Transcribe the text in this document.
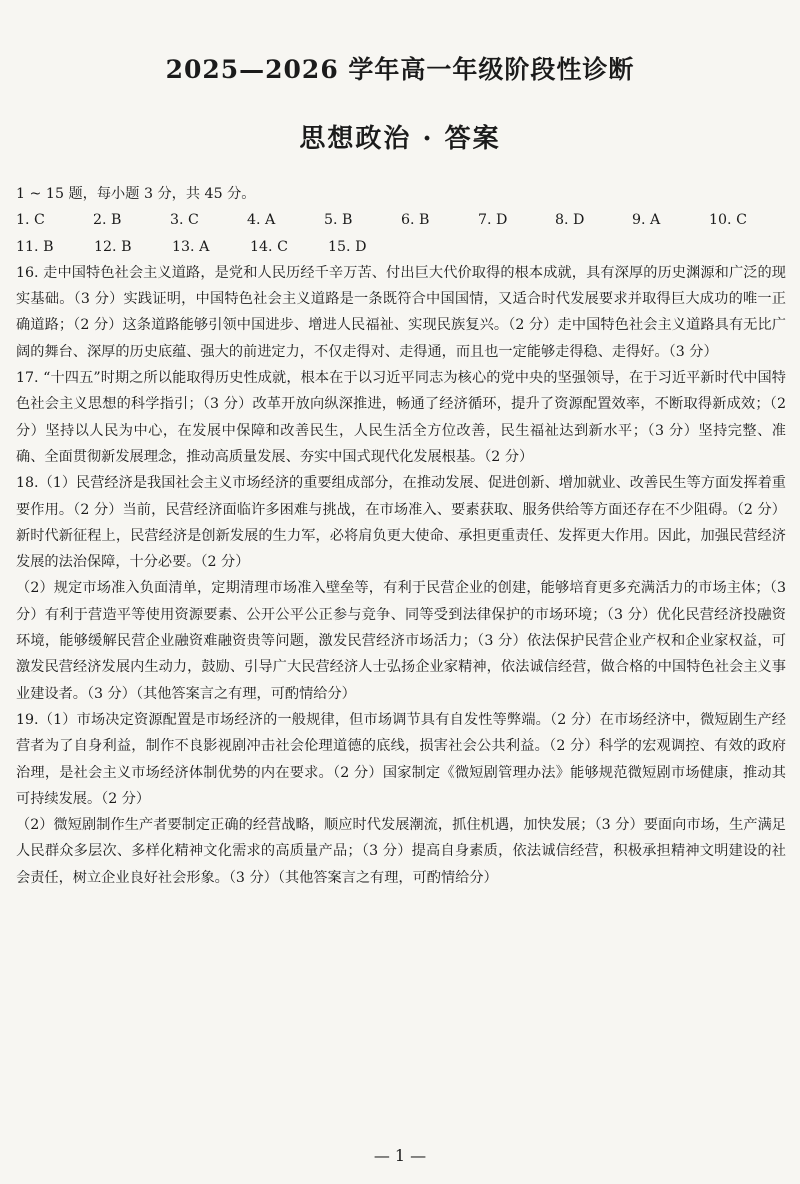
2025—2026 学年高一年级阶段性诊断
思想政治 · 答案

1 ~ 15 题，每小题 3 分，共 45 分。

1. C	2. B	3. C	4. A	5. B	6. B	7. D	8. D	9. A	10. C
11. B	12. B	13. A	14. C	15. D

16. 走中国特色社会主义道路，是党和人民历经千辛万苦、付出巨大代价取得的根本成就，具有深厚的历史渊源和广泛的现实基础。（3 分）实践证明，中国特色社会主义道路是一条既符合中国国情，又适合时代发展要求并取得巨大成功的唯一正确道路；（2 分）这条道路能够引领中国进步、增进人民福祉、实现民族复兴。（2 分）走中国特色社会主义道路具有无比广阔的舞台、深厚的历史底蕴、强大的前进定力，不仅走得对、走得通，而且也一定能够走得稳、走得好。（3 分）

17. “十四五”时期之所以能取得历史性成就，根本在于以习近平同志为核心的党中央的坚强领导，在于习近平新时代中国特色社会主义思想的科学指引；（3 分）改革开放向纵深推进，畅通了经济循环，提升了资源配置效率，不断取得新成效；（2 分）坚持以人民为中心，在发展中保障和改善民生，人民生活全方位改善，民生福祉达到新水平；（3 分）坚持完整、准确、全面贯彻新发展理念，推动高质量发展、夯实中国式现代化发展根基。（2 分）

18.（1）民营经济是我国社会主义市场经济的重要组成部分，在推动发展、促进创新、增加就业、改善民生等方面发挥着重要作用。（2 分）当前，民营经济面临许多困难与挑战，在市场准入、要素获取、服务供给等方面还存在不少阻碍。（2 分）新时代新征程上，民营经济是创新发展的生力军，必将肩负更大使命、承担更重责任、发挥更大作用。因此，加强民营经济发展的法治保障，十分必要。（2 分）

（2）规定市场准入负面清单，定期清理市场准入壁垒等，有利于民营企业的创建，能够培育更多充满活力的市场主体；（3 分）有利于营造平等使用资源要素、公开公平公正参与竞争、同等受到法律保护的市场环境；（3 分）优化民营经济投融资环境，能够缓解民营企业融资难融资贵等问题，激发民营经济市场活力；（3 分）依法保护民营企业产权和企业家权益，可激发民营经济发展内生动力，鼓励、引导广大民营经济人士弘扬企业家精神，依法诚信经营，做合格的中国特色社会主义事业建设者。（3 分）（其他答案言之有理，可酌情给分）

19.（1）市场决定资源配置是市场经济的一般规律，但市场调节具有自发性等弊端。（2 分）在市场经济中，微短剧生产经营者为了自身利益，制作不良影视剧冲击社会伦理道德的底线，损害社会公共利益。（2 分）科学的宏观调控、有效的政府治理，是社会主义市场经济体制优势的内在要求。（2 分）国家制定《微短剧管理办法》能够规范微短剧市场健康，推动其可持续发展。（2 分）

（2）微短剧制作生产者要制定正确的经营战略，顺应时代发展潮流，抓住机遇，加快发展；（3 分）要面向市场，生产满足人民群众多层次、多样化精神文化需求的高质量产品；（3 分）提高自身素质，依法诚信经营，积极承担精神文明建设的社会责任，树立企业良好社会形象。（3 分）（其他答案言之有理，可酌情给分）

— 1 —
